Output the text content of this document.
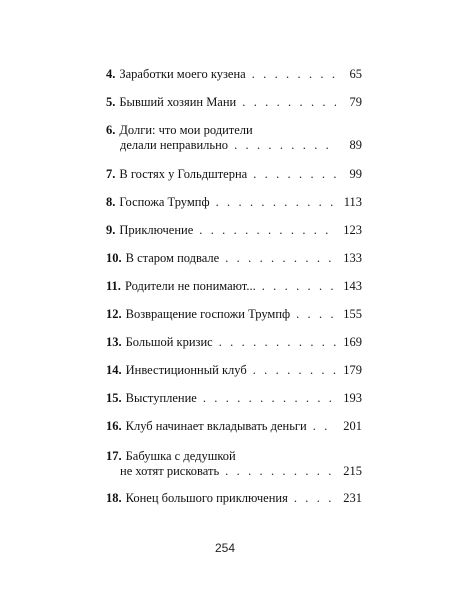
4. Заработки моего кузена . . .	65
5. Бывший хозяин Мани . . .	79
6. Долги: что мои родители
делали неправильно . . .	89
7. В гостях у Гольдштерна . . .	99
8. Госпожа Трумпф . . .	113
9. Приключение . . .	123
10. В старом подвале . . .	133
11. Родители не понимают... . . .	143
12. Возвращение госпожи Трумпф . . .	155
13. Большой кризис . . .	169
14. Инвестиционный клуб . . .	179
15. Выступление . . .	193
16. Клуб начинает вкладывать деньги . . .	201
17. Бабушка с дедушкой
не хотят рисковать . . .	215
18. Конец большого приключения . . .	231
254
